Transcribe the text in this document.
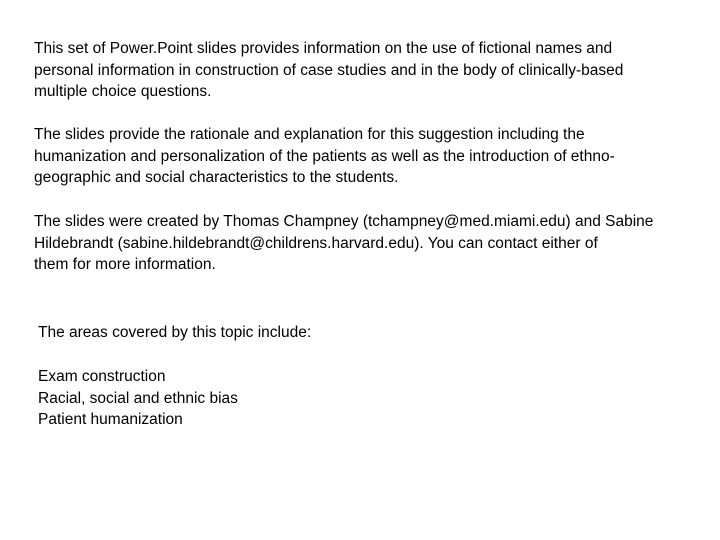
This set of Power.Point slides provides information on the use of fictional names and
personal information in construction of case studies and in the body of clinically-based
multiple choice questions.

The slides provide the rationale and explanation for this suggestion including the
humanization and personalization of the patients as well as the introduction of ethno-
geographic and social characteristics to the students.

The slides were created by Thomas Champney (tchampney@med.miami.edu) and Sabine
Hildebrandt (sabine.hildebrandt@childrens.harvard.edu). You can contact either of
them for more information.

The areas covered by this topic include:

Exam construction
Racial, social and ethnic bias
Patient humanization
